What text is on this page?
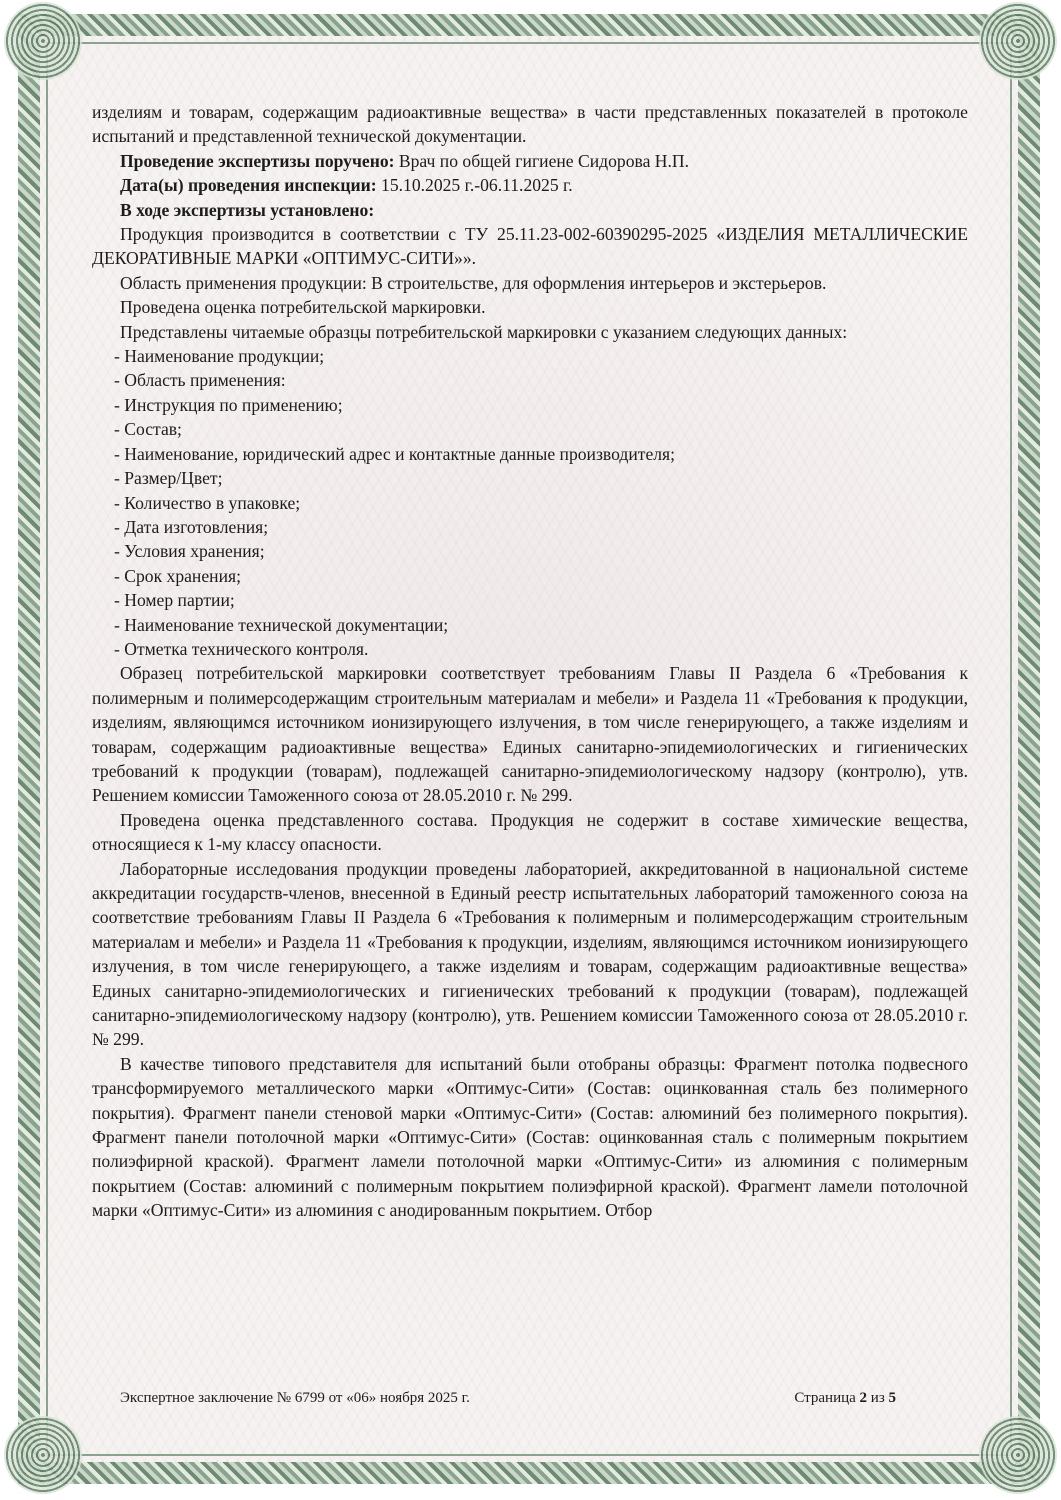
изделиям и товарам, содержащим радиоактивные вещества» в части представленных показателей в протоколе испытаний и представленной технической документации.

Проведение экспертизы поручено: Врач по общей гигиене Сидорова Н.П.

Дата(ы) проведения инспекции: 15.10.2025 г.-06.11.2025 г.

В ходе экспертизы установлено:

Продукция производится в соответствии с ТУ 25.11.23-002-60390295-2025 «ИЗДЕЛИЯ МЕТАЛЛИЧЕСКИЕ ДЕКОРАТИВНЫЕ МАРКИ «ОПТИМУС-СИТИ»».

Область применения продукции: В строительстве, для оформления интерьеров и экстерьеров.

Проведена оценка потребительской маркировки.

Представлены читаемые образцы потребительской маркировки с указанием следующих данных:

- Наименование продукции;

- Область применения:

- Инструкция по применению;

- Состав;

- Наименование, юридический адрес и контактные данные производителя;

- Размер/Цвет;

- Количество в упаковке;

- Дата изготовления;

- Условия хранения;

- Срок хранения;

- Номер партии;

- Наименование технической документации;

- Отметка технического контроля.

Образец потребительской маркировки соответствует требованиям Главы II Раздела 6 «Требования к полимерным и полимерсодержащим строительным материалам и мебели» и Раздела 11 «Требования к продукции, изделиям, являющимся источником ионизирующего излучения, в том числе генерирующего, а также изделиям и товарам, содержащим радиоактивные вещества» Единых санитарно-эпидемиологических и гигиенических требований к продукции (товарам), подлежащей санитарно-эпидемиологическому надзору (контролю), утв. Решением комиссии Таможенного союза от 28.05.2010 г. № 299.

Проведена оценка представленного состава. Продукция не содержит в составе химические вещества, относящиеся к 1-му классу опасности.

Лабораторные исследования продукции проведены лабораторией, аккредитованной в национальной системе аккредитации государств-членов, внесенной в Единый реестр испытательных лабораторий таможенного союза на соответствие требованиям Главы II Раздела 6 «Требования к полимерным и полимерсодержащим строительным материалам и мебели» и Раздела 11 «Требования к продукции, изделиям, являющимся источником ионизирующего излучения, в том числе генерирующего, а также изделиям и товарам, содержащим радиоактивные вещества» Единых санитарно-эпидемиологических и гигиенических требований к продукции (товарам), подлежащей санитарно-эпидемиологическому надзору (контролю), утв. Решением комиссии Таможенного союза от 28.05.2010 г. № 299.

В качестве типового представителя для испытаний были отобраны образцы: Фрагмент потолка подвесного трансформируемого металлического марки «Оптимус-Сити» (Состав: оцинкованная сталь без полимерного покрытия). Фрагмент панели стеновой марки «Оптимус-Сити» (Состав: алюминий без полимерного покрытия). Фрагмент панели потолочной марки «Оптимус-Сити» (Состав: оцинкованная сталь с полимерным покрытием полиэфирной краской). Фрагмент ламели потолочной марки «Оптимус-Сити» из алюминия с полимерным покрытием (Состав: алюминий с полимерным покрытием полиэфирной краской). Фрагмент ламели потолочной марки «Оптимус-Сити» из алюминия с анодированным покрытием. Отбор

Экспертное заключение № 6799 от «06» ноября 2025 г.	Страница 2 из 5
